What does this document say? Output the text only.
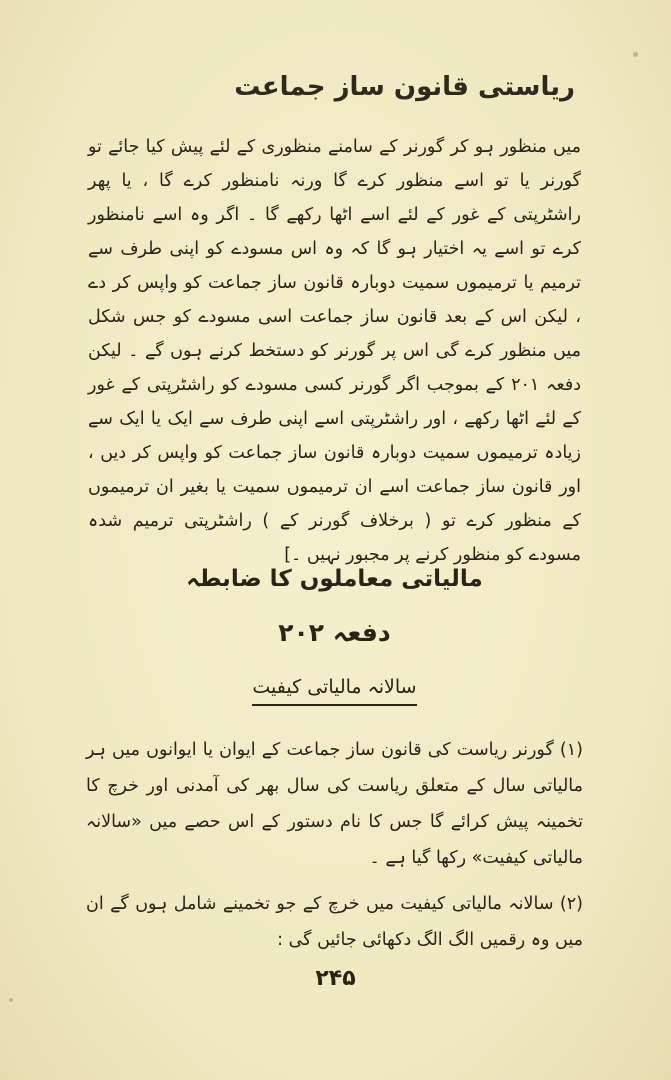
ریاستی قانون ساز جماعت

میں منظور ہو کر گورنر کے سامنے منظوری کے لئے پیش کیا جائے تو گورنر یا تو اسے منظور کرے گا ورنہ نامنظور کرے گا ، یا پھر راشٹرپتی کے غور کے لئے اسے اٹھا رکھے گا ۔ اگر وہ اسے نامنظور کرے تو اسے یہ اختیار ہو گا کہ وہ اس مسودے کو اپنی طرف سے ترمیم یا ترمیموں سمیت دوبارہ قانون ساز جماعت کو واپس کر دے ، لیکن اس کے بعد قانون ساز جماعت اسی مسودے کو جس شکل میں منظور کرے گی اس پر گورنر کو دستخط کرنے ہوں گے ۔ لیکن دفعہ ۲۰۱ کے بموجب اگر گورنر کسی مسودے کو راشٹرپتی کے غور کے لئے اٹھا رکھے ، اور راشٹرپتی اسے اپنی طرف سے ایک یا ایک سے زیادہ ترمیموں سمیت دوبارہ قانون ساز جماعت کو واپس کر دیں ، اور قانون ساز جماعت اسے ان ترمیموں سمیت یا بغیر ان ترمیموں کے منظور کرے تو ( برخلاف گورنر کے ) راشٹرپتی ترمیم شدہ مسودے کو منظور کرنے پر مجبور نہیں ۔]

مالیاتی معاملوں کا ضابطہ
دفعہ ۲۰۲
سالانہ مالیاتی کیفیت

(۱) گورنر ریاست کی قانون ساز جماعت کے ایوان یا ایوانوں میں ہر مالیاتی سال کے متعلق ریاست کی سال بھر کی آمدنی اور خرچ کا تخمینہ پیش کرائے گا جس کا نام دستور کے اس حصے میں «سالانہ مالیاتی کیفیت» رکھا گیا ہے ۔

(۲) سالانہ مالیاتی کیفیت میں خرچ کے جو تخمینے شامل ہوں گے ان میں وہ رقمیں الگ الگ دکھائی جائیں گی :

۲۴۵
